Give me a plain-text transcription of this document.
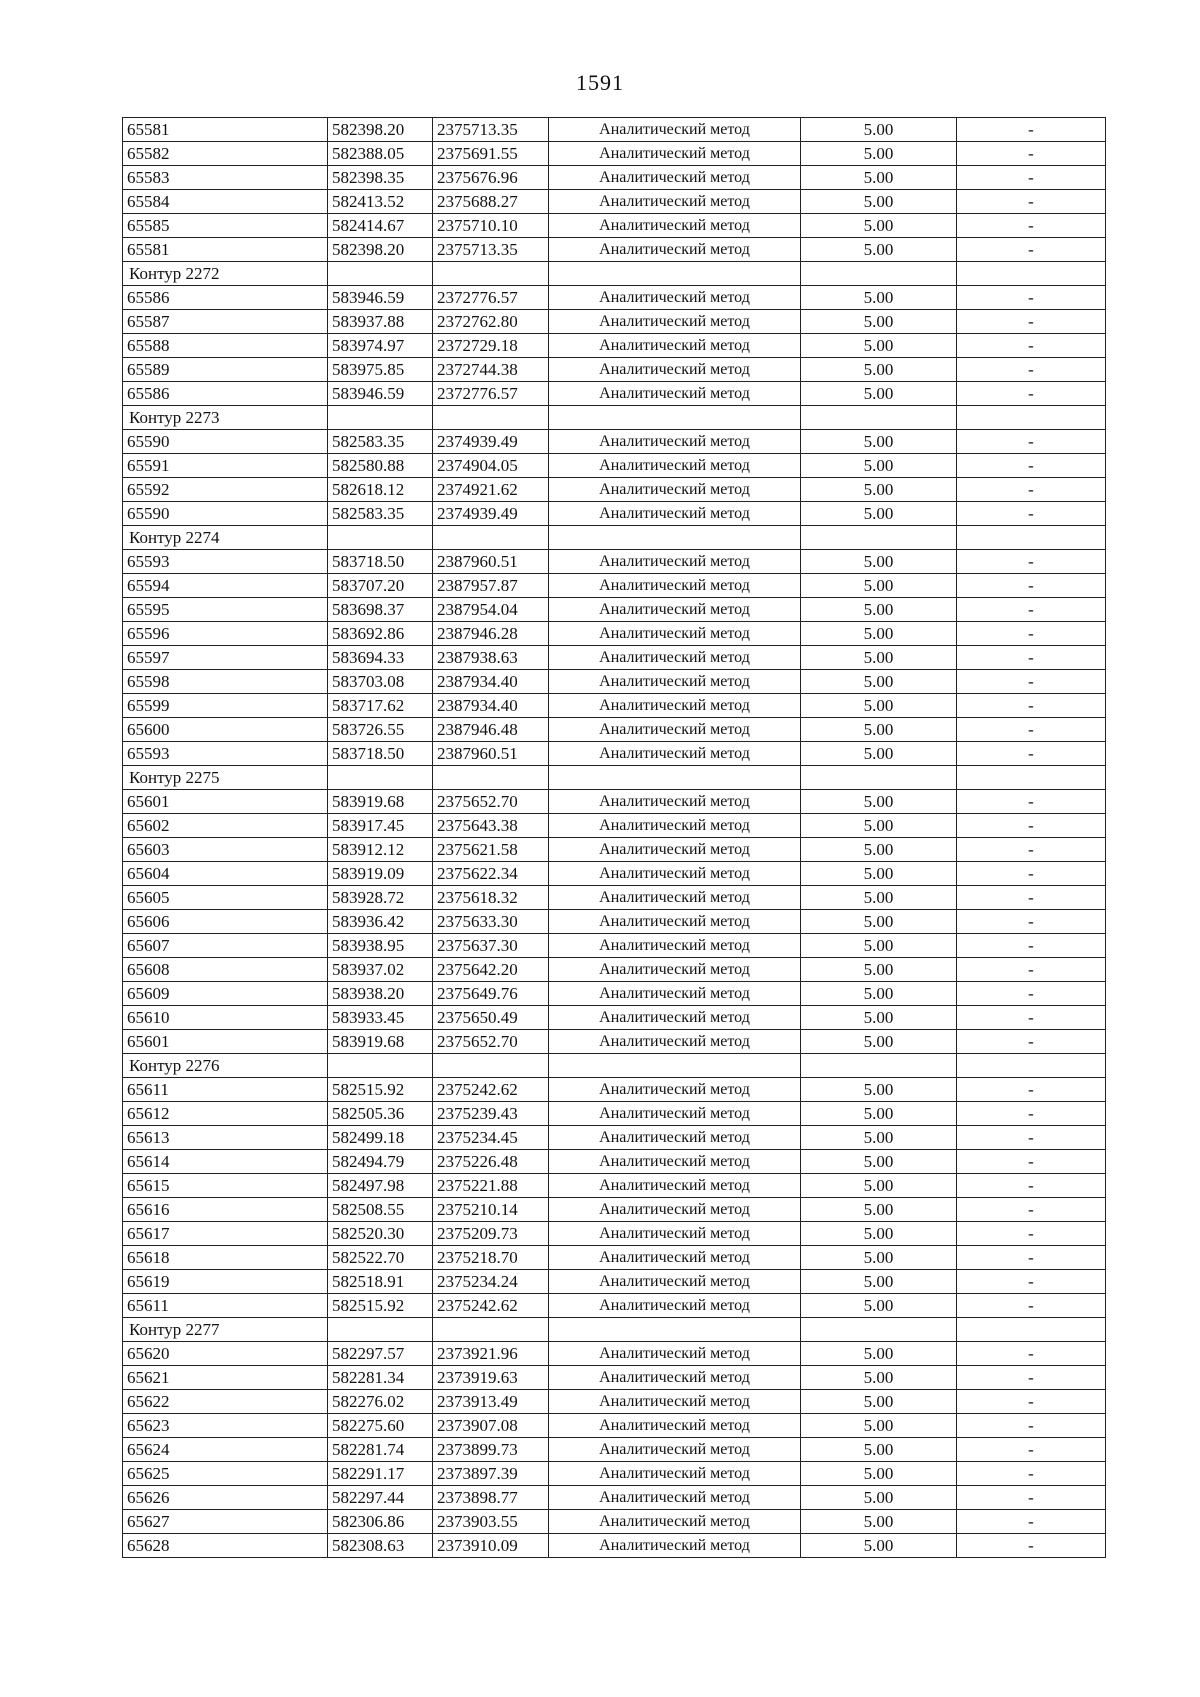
1591
65581	582398.20	2375713.35	Аналитический метод	5.00	-
65582	582388.05	2375691.55	Аналитический метод	5.00	-
65583	582398.35	2375676.96	Аналитический метод	5.00	-
65584	582413.52	2375688.27	Аналитический метод	5.00	-
65585	582414.67	2375710.10	Аналитический метод	5.00	-
65581	582398.20	2375713.35	Аналитический метод	5.00	-
Контур 2272					
65586	583946.59	2372776.57	Аналитический метод	5.00	-
65587	583937.88	2372762.80	Аналитический метод	5.00	-
65588	583974.97	2372729.18	Аналитический метод	5.00	-
65589	583975.85	2372744.38	Аналитический метод	5.00	-
65586	583946.59	2372776.57	Аналитический метод	5.00	-
Контур 2273					
65590	582583.35	2374939.49	Аналитический метод	5.00	-
65591	582580.88	2374904.05	Аналитический метод	5.00	-
65592	582618.12	2374921.62	Аналитический метод	5.00	-
65590	582583.35	2374939.49	Аналитический метод	5.00	-
Контур 2274					
65593	583718.50	2387960.51	Аналитический метод	5.00	-
65594	583707.20	2387957.87	Аналитический метод	5.00	-
65595	583698.37	2387954.04	Аналитический метод	5.00	-
65596	583692.86	2387946.28	Аналитический метод	5.00	-
65597	583694.33	2387938.63	Аналитический метод	5.00	-
65598	583703.08	2387934.40	Аналитический метод	5.00	-
65599	583717.62	2387934.40	Аналитический метод	5.00	-
65600	583726.55	2387946.48	Аналитический метод	5.00	-
65593	583718.50	2387960.51	Аналитический метод	5.00	-
Контур 2275					
65601	583919.68	2375652.70	Аналитический метод	5.00	-
65602	583917.45	2375643.38	Аналитический метод	5.00	-
65603	583912.12	2375621.58	Аналитический метод	5.00	-
65604	583919.09	2375622.34	Аналитический метод	5.00	-
65605	583928.72	2375618.32	Аналитический метод	5.00	-
65606	583936.42	2375633.30	Аналитический метод	5.00	-
65607	583938.95	2375637.30	Аналитический метод	5.00	-
65608	583937.02	2375642.20	Аналитический метод	5.00	-
65609	583938.20	2375649.76	Аналитический метод	5.00	-
65610	583933.45	2375650.49	Аналитический метод	5.00	-
65601	583919.68	2375652.70	Аналитический метод	5.00	-
Контур 2276					
65611	582515.92	2375242.62	Аналитический метод	5.00	-
65612	582505.36	2375239.43	Аналитический метод	5.00	-
65613	582499.18	2375234.45	Аналитический метод	5.00	-
65614	582494.79	2375226.48	Аналитический метод	5.00	-
65615	582497.98	2375221.88	Аналитический метод	5.00	-
65616	582508.55	2375210.14	Аналитический метод	5.00	-
65617	582520.30	2375209.73	Аналитический метод	5.00	-
65618	582522.70	2375218.70	Аналитический метод	5.00	-
65619	582518.91	2375234.24	Аналитический метод	5.00	-
65611	582515.92	2375242.62	Аналитический метод	5.00	-
Контур 2277					
65620	582297.57	2373921.96	Аналитический метод	5.00	-
65621	582281.34	2373919.63	Аналитический метод	5.00	-
65622	582276.02	2373913.49	Аналитический метод	5.00	-
65623	582275.60	2373907.08	Аналитический метод	5.00	-
65624	582281.74	2373899.73	Аналитический метод	5.00	-
65625	582291.17	2373897.39	Аналитический метод	5.00	-
65626	582297.44	2373898.77	Аналитический метод	5.00	-
65627	582306.86	2373903.55	Аналитический метод	5.00	-
65628	582308.63	2373910.09	Аналитический метод	5.00	-
